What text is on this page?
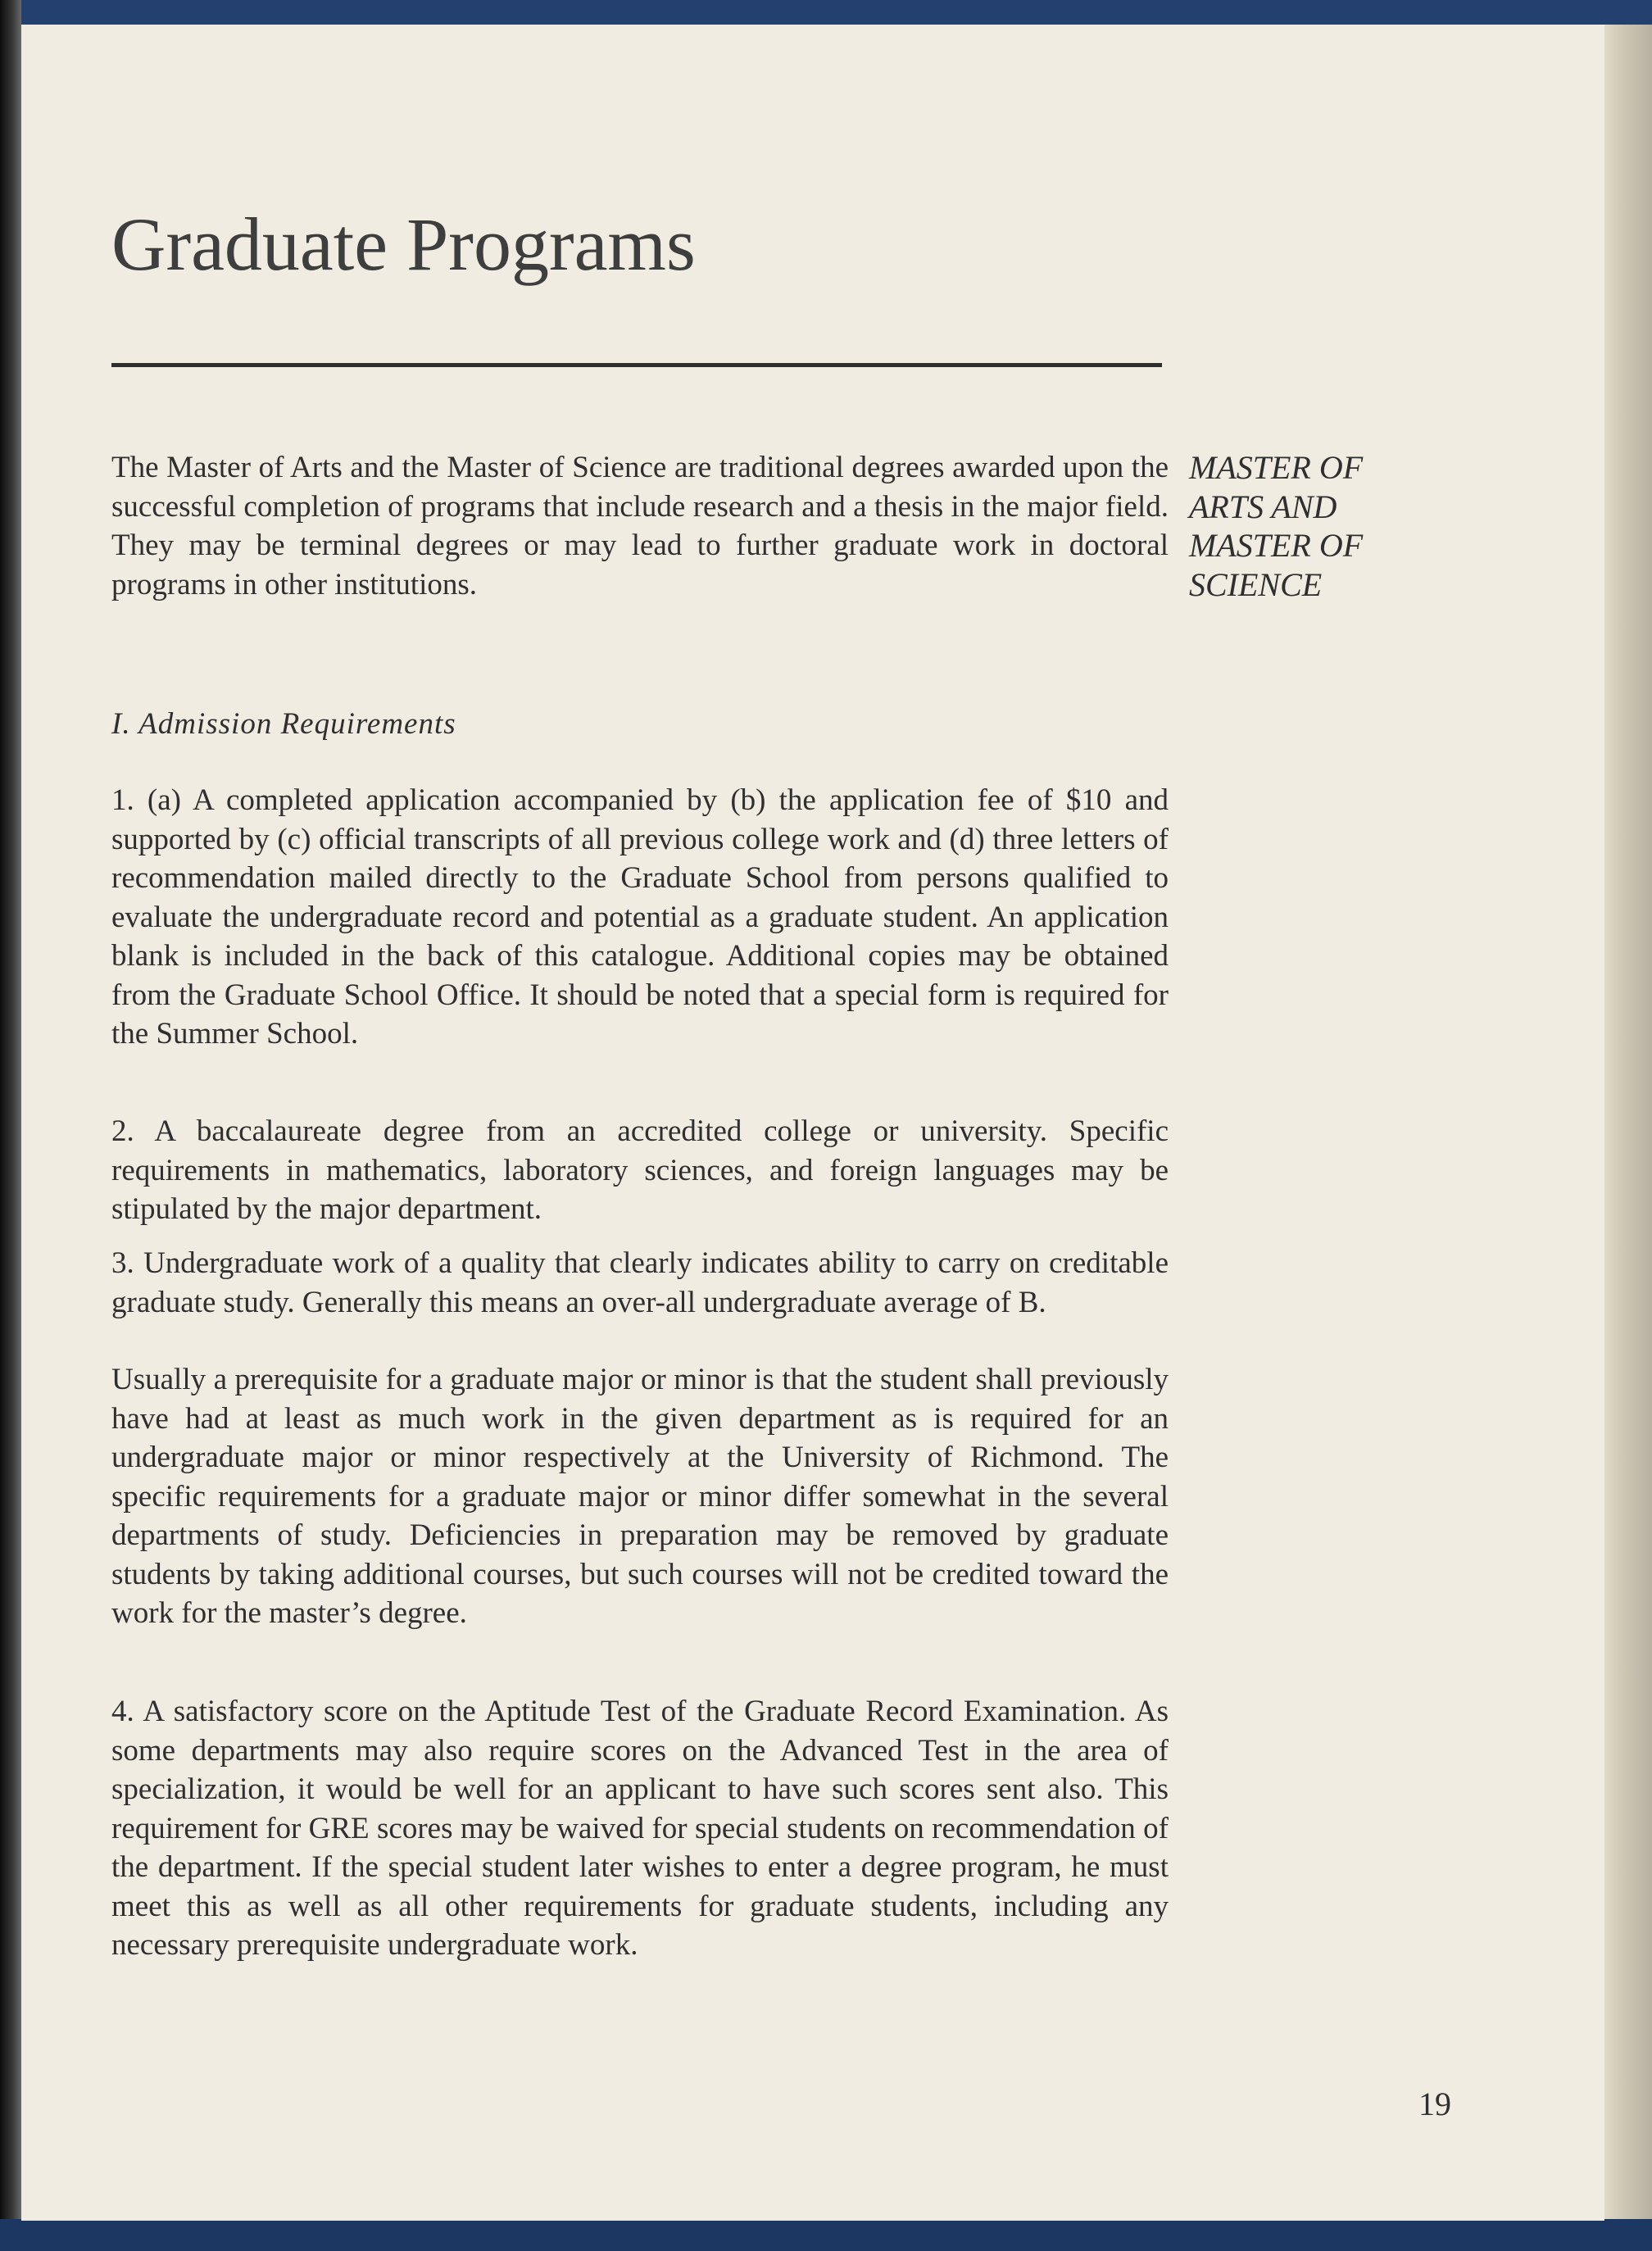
Graduate Programs

The Master of Arts and the Master of Science are traditional degrees awarded upon the successful completion of programs that include research and a thesis in the major field. They may be terminal degrees or may lead to further graduate work in doctoral programs in other institutions.

MASTER OF
ARTS AND
MASTER OF
SCIENCE
I. Admission Requirements

1. (a) A completed application accompanied by (b) the application fee of $10 and supported by (c) official transcripts of all previous college work and (d) three letters of recommendation mailed directly to the Graduate School from persons qualified to evaluate the undergraduate record and potential as a graduate student. An application blank is included in the back of this catalogue. Additional copies may be obtained from the Graduate School Office. It should be noted that a special form is required for the Summer School.

2. A baccalaureate degree from an accredited college or university. Specific requirements in mathematics, laboratory sciences, and foreign languages may be stipulated by the major department.

3. Undergraduate work of a quality that clearly indicates ability to carry on creditable graduate study. Generally this means an over-all undergraduate average of B.

Usually a prerequisite for a graduate major or minor is that the student shall previously have had at least as much work in the given department as is required for an undergraduate major or minor respectively at the University of Richmond. The specific requirements for a graduate major or minor differ somewhat in the several departments of study. Deficiencies in preparation may be removed by graduate students by taking additional courses, but such courses will not be credited toward the work for the master’s degree.

4. A satisfactory score on the Aptitude Test of the Graduate Record Examination. As some departments may also require scores on the Advanced Test in the area of specialization, it would be well for an applicant to have such scores sent also. This requirement for GRE scores may be waived for special students on recommendation of the department. If the special student later wishes to enter a degree program, he must meet this as well as all other requirements for graduate students, including any necessary prerequisite undergraduate work.

19
